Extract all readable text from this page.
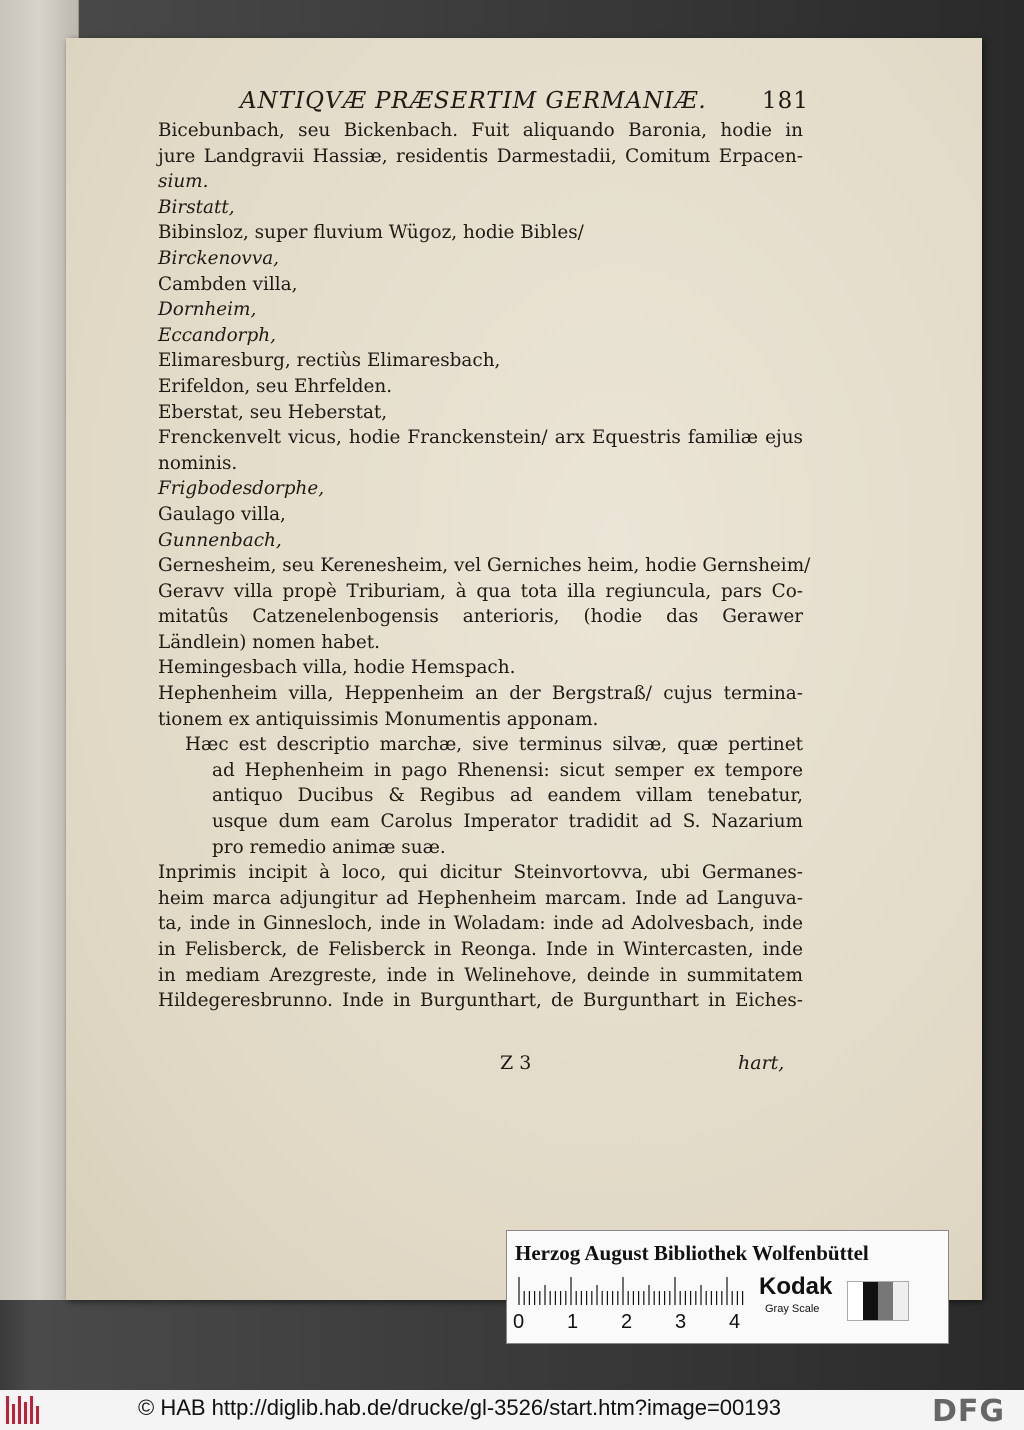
ANTIQVÆ PRÆSERTIM GERMANIÆ. 181
Bicebunbach, seu Bickenbach. Fuit aliquando Baronia, hodie in
jure Landgravii Hassiæ, residentis Darmestadii, Comitum Erpacen-
sium.
Birstatt,
Bibinsloz, super fluvium Wügoz, hodie Bibles/
Birckenovva,
Cambden villa,
Dornheim,
Eccandorph,
Elimaresburg, rectiùs Elimaresbach,
Erifeldon, seu Ehrfelden.
Eberstat, seu Heberstat,
Frenckenvelt vicus, hodie Franckenstein/ arx Equestris familiæ ejus
nominis.
Frigbodesdorphe,
Gaulago villa,
Gunnenbach,
Gernesheim, seu Kerenesheim, vel Gerniches heim, hodie Gernsheim/
Geravv villa propè Triburiam, à qua tota illa regiuncula, pars Co-
mitatûs Catzenelenbogensis anterioris, (hodie das Gerawer
Ländlein) nomen habet.
Hemingesbach villa, hodie Hemspach.
Hephenheim villa, Heppenheim an der Bergstraß/ cujus termina-
tionem ex antiquissimis Monumentis apponam.
Hæc est descriptio marchæ, sive terminus silvæ, quæ pertinet
ad Hephenheim in pago Rhenensi: sicut semper ex tempore
antiquo Ducibus & Regibus ad eandem villam tenebatur,
usque dum eam Carolus Imperator tradidit ad S. Nazarium
pro remedio animæ suæ.
Inprimis incipit à loco, qui dicitur Steinvortovva, ubi Germanes-
heim marca adjungitur ad Hephenheim marcam. Inde ad Languva-
ta, inde in Ginnesloch, inde in Woladam: inde ad Adolvesbach, inde
in Felisberck, de Felisberck in Reonga. Inde in Wintercasten, inde
in mediam Arezgreste, inde in Welinehove, deinde in summitatem
Hildegeresbrunno. Inde in Burgunthart, de Burgunthart in Eiches-
Z 3	hart,
Herzog August Bibliothek Wolfenbüttel
0 1 2 3 4
Kodak
Gray Scale
© HAB http://diglib.hab.de/drucke/gl-3526/start.htm?image=00193	DFG
